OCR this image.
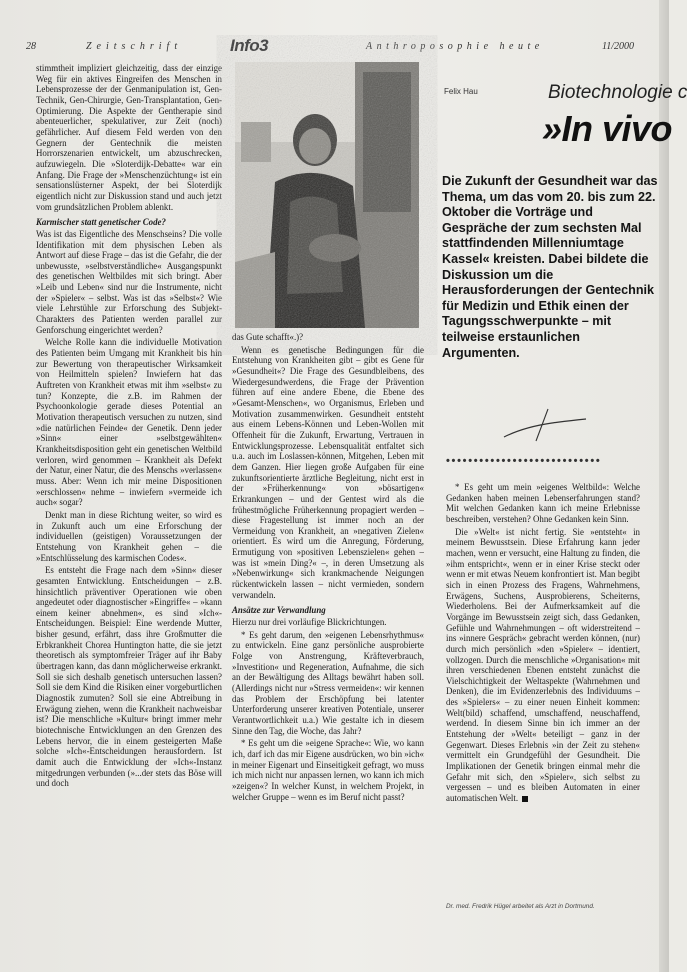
28	Zeitschrift	Info3	Anthroposophie heute	11/2000

stimmtheit impliziert gleichzeitig, dass der einzige Weg für ein aktives Eingreifen des Menschen in Lebensprozesse der der Genmanipulation ist, Gen-Technik, Gen-Chirurgie, Gen-Transplantation, Gen-Optimierung. Die Aspekte der Gentherapie sind abenteuerlicher, spekulativer, zur Zeit (noch) gefährlicher. Auf diesem Feld werden von den Gegnern der Gentechnik die meisten Horrorszenarien entwickelt, um abzuschrecken, aufzuwiegeln. Die »Sloterdijk-Debatte« war ein Anfang. Die Frage der »Menschenzüchtung« ist ein sensationslüsterner Aspekt, der bei Sloterdijk eigentlich nicht zur Diskussion stand und auch jetzt vom grundsätzlichen Problem ablenkt.

Karmischer statt genetischer Code?

Was ist das Eigentliche des Menschseins? Die volle Identifikation mit dem physischen Leben als Antwort auf diese Frage – das ist die Gefahr, die der unbewusste, »selbstverständliche« Ausgangspunkt des genetischen Weltbildes mit sich bringt. Aber »Leib und Leben« sind nur die Instrumente, nicht der »Spieler« – selbst. Was ist das »Selbst«? Wie viele Lehrstühle zur Erforschung des Subjekt-Charakters des Patienten werden parallel zur Genforschung eingerichtet werden?

Welche Rolle kann die individuelle Motivation des Patienten beim Umgang mit Krankheit bis hin zur Bewertung von therapeutischer Wirksamkeit von Heilmitteln spielen? Inwiefern hat das Auftreten von Krankheit etwas mit ihm »selbst« zu tun? Konzepte, die z.B. im Rahmen der Psychoonkologie gerade dieses Potential an Motivation therapeutisch versuchen zu nutzen, sind »die natürlichen Feinde« der Genetik. Denn jeder »Sinn« einer »selbstgewählten« Krankheitsdisposition geht ein genetischen Weltbild verloren, wird genommen – Krankheit als Defekt der Natur, einer Natur, die des Menschs »verlassen« muss. Aber: Wenn ich mir meine Dispositionen »erschlossen« nehme – inwiefern »vermeide ich auch« sogar?

Denkt man in diese Richtung weiter, so wird es in Zukunft auch um eine Erforschung der individuellen (geistigen) Voraussetzungen der Entstehung von Krankheit gehen – die »Entschlüsselung des karmischen Codes«.

Es entsteht die Frage nach dem »Sinn« dieser gesamten Entwicklung. Entscheidungen – z.B. hinsichtlich präventiver Operationen wie oben angedeutet oder diagnostischer »Eingriffe« – »kann einem keiner abnehmen«, es sind »Ich«-Entscheidungen. Beispiel: Eine werdende Mutter, bisher gesund, erfährt, dass ihre Großmutter die Erbkrankheit Chorea Huntington hatte, die sie jetzt theoretisch als symptomfreier Träger auf ihr Baby übertragen kann, das dann möglicherweise erkrankt. Soll sie sich deshalb genetisch untersuchen lassen? Soll sie dem Kind die Risiken einer vorgeburtlichen Diagnostik zumuten? Soll sie eine Abtreibung in Erwägung ziehen, wenn die Krankheit nachweisbar ist? Die menschliche »Kultur« bringt immer mehr biotechnische Entwicklungen an den Grenzen des Lebens hervor, die in einem gesteigerten Maße solche »Ich«-Entscheidungen herausfordern. Ist damit auch die Entwicklung der »Ich«-Instanz mitgedrungen verbunden (»...der stets das Böse will und doch

das Gute schafft«.)?

Wenn es genetische Bedingungen für die Entstehung von Krankheiten gibt – gibt es Gene für »Gesundheit«? Die Frage des Gesundbleibens, des Wiedergesundwerdens, die Frage der Prävention führen auf eine andere Ebene, die Ebene des »Gesamt-Menschen«, wo Organismus, Erleben und Motivation zusammenwirken. Gesundheit entsteht aus einem Lebens-Können und Leben-Wollen mit Offenheit für die Zukunft, Erwartung, Vertrauen in Entwicklungsprozesse. Lebensqualität entfaltet sich u.a. auch im Loslassen-können, Mitgehen, Leben mit dem Ganzen. Hier liegen große Aufgaben für eine zukunftsorientierte ärztliche Begleitung, nicht erst in der »Früherkennung« von »bösartigen« Erkrankungen – und der Gentest wird als die frühestmögliche Früherkennung propagiert werden – diese Fragestellung ist immer noch an der Vermeidung von Krankheit, an »negativen Zielen« orientiert. Es wird um die Anregung, Förderung, Ermutigung von »positiven Lebenszielen« gehen – was ist »mein Ding?« –, in deren Umsetzung als »Nebenwirkung« sich krankmachende Neigungen rückentwickeln lassen – nicht vermieden, sondern verwandeln.

Ansätze zur Verwandlung

Hierzu nur drei vorläufige Blickrichtungen.

* Es geht darum, den »eigenen Lebensrhythmus« zu entwickeln. Eine ganz persönliche ausprobierte Folge von Anstrengung, Kräfteverbrauch, »Investition« und Regeneration, Aufnahme, die sich an der Bewältigung des Alltags bewährt haben soll. (Allerdings nicht nur »Stress vermeiden«: wir kennen das Problem der Erschöpfung bei latenter Unterforderung unserer kreativen Potentiale, unserer Verantwortlichkeit u.a.) Wie gestalte ich in diesem Sinne den Tag, die Woche, das Jahr?

* Es geht um die »eigene Sprache«: Wie, wo kann ich, darf ich das mir Eigene ausdrücken, wo bin »ich« in meiner Eigenart und Einseitigkeit gefragt, wo muss ich mich nicht nur anpassen lernen, wo kann ich mich »zeigen«? In welcher Kunst, in welchem Projekt, in welcher Gruppe – wenn es im Beruf nicht passt?

Felix Hau	Biotechnologie c
»In vivo
Die Zukunft der Gesundheit war das Thema, um das vom 20. bis zum 22. Oktober die Vorträge und Gespräche der zum sechsten Mal stattfindenden Millenniumtage Kassel« kreisten. Dabei bildete die Diskussion um die Herausforderungen der Gentechnik für Medizin und Ethik einen der Tagungsschwerpunkte – mit teilweise erstaunlichen Argumenten.
••••••••••••••••••••••••••••

* Es geht um mein »eigenes Weltbild«: Welche Gedanken haben meinen Lebenserfahrungen stand? Mit welchen Gedanken kann ich meine Erlebnisse beschreiben, verstehen? Ohne Gedanken kein Sinn.

Die »Welt« ist nicht fertig. Sie »entsteht« in meinem Bewusstsein. Diese Erfahrung kann jeder machen, wenn er versucht, eine Haltung zu finden, die »ihm entspricht«, wenn er in einer Krise steckt oder wenn er mit etwas Neuem konfrontiert ist. Man begibt sich in einen Prozess des Fragens, Wahrnehmens, Erwägens, Suchens, Ausprobierens, Scheiterns, Wiederholens. Bei der Aufmerksamkeit auf die Vorgänge im Bewusstsein zeigt sich, dass Gedanken, Gefühle und Wahrnehmungen – oft widerstreitend – ins »innere Gespräch« gebracht werden können, (nur) durch mich persönlich »den »Spieler« – identiert, vollzogen. Durch die menschliche »Organisation« mit ihren verschiedenen Ebenen entsteht zunächst die Vielschichtigkeit der Weltaspekte (Wahrnehmen und Denken), die im Evidenzerlebnis des Individuums – des »Spielers« – zu einer neuen Einheit kommen: Welt(bild) schaffend, umschaffend, neuschaffend, werdend. In diesem Sinne bin ich immer an der Entstehung der »Welt« beteiligt – ganz in der Gegenwart. Dieses Erlebnis »in der Zeit zu stehen« vermittelt ein Grundgefühl der Gesundheit. Die Implikationen der Genetik bringen einmal mehr die Gefahr mit sich, den »Spieler«, sich selbst zu vergessen – und es bleiben Automaten in einer automatischen Welt.

Dr. med. Fredrik Hügel arbeitet als Arzt in Dortmund.
